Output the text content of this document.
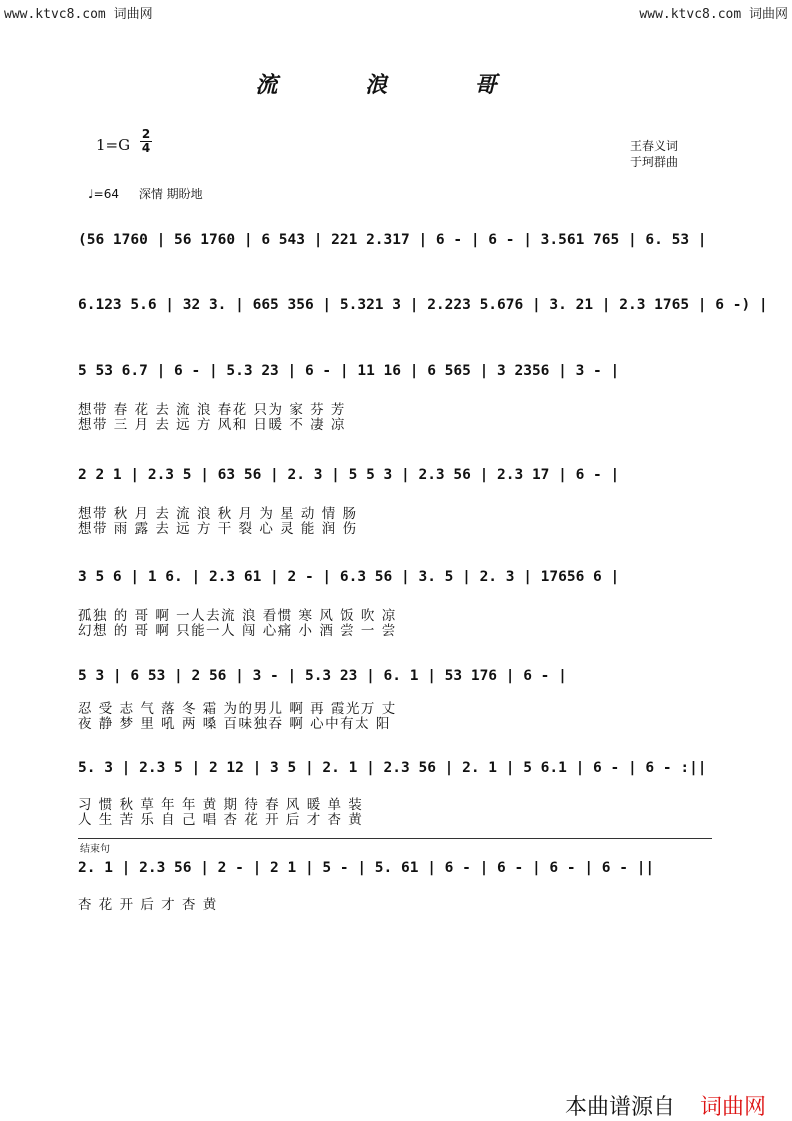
www.ktvc8.com 词曲网	www.ktvc8.com 词曲网
流 浪 哥
1=G
2
4	王春义词
于珂群曲
♩=64 深情 期盼地
(56 1760 | 56 1760 | 6 543 | 221 2.317 | 6 - | 6 - | 3.561 765 | 6. 53 |
6.123 5.6 | 32 3. | 665 356 | 5.321 3 | 2.223 5.676 | 3. 21 | 2.3 1765 | 6 -) |
5 53 6.7 | 6 - | 5.3 23 | 6 - | 11 16 | 6 565 | 3 2356 | 3 - |
想带 春 花 去 流 浪 春花 只为 家 芬 芳
想带 三 月 去 远 方 风和 日暖 不 凄 凉
2 2 1 | 2.3 5 | 63 56 | 2. 3 | 5 5 3 | 2.3 56 | 2.3 17 | 6 - |
想带 秋 月 去 流 浪 秋 月 为 星 动 情 肠
想带 雨 露 去 远 方 干 裂 心 灵 能 润 伤
3 5 6 | 1 6. | 2.3 61 | 2 - | 6.3 56 | 3. 5 | 2. 3 | 17656 6 |
孤独 的 哥 啊 一人去流 浪 看惯 寒 风 饭 吹 凉
幻想 的 哥 啊 只能一人 闯 心痛 小 酒 尝 一 尝
5 3 | 6 53 | 2 56 | 3 - | 5.3 23 | 6. 1 | 53 176 | 6 - |
忍 受 志 气 落 冬 霜 为的男儿 啊 再 霞光万 丈
夜 静 梦 里 吼 两 嗓 百味独吞 啊 心中有太 阳
5. 3 | 2.3 5 | 2 12 | 3 5 | 2. 1 | 2.3 56 | 2. 1 | 5 6.1 | 6 - | 6 - :||
习 惯 秋 草 年 年 黄 期 待 春 风 暖 单 装
人 生 苦 乐 自 己 唱 杏 花 开 后 才 杏 黄
结束句
2. 1 | 2.3 56 | 2 - | 2 1 | 5 - | 5. 61 | 6 - | 6 - | 6 - | 6 - ||
杏 花 开 后 才 杏 黄
本曲谱源自 词曲网
